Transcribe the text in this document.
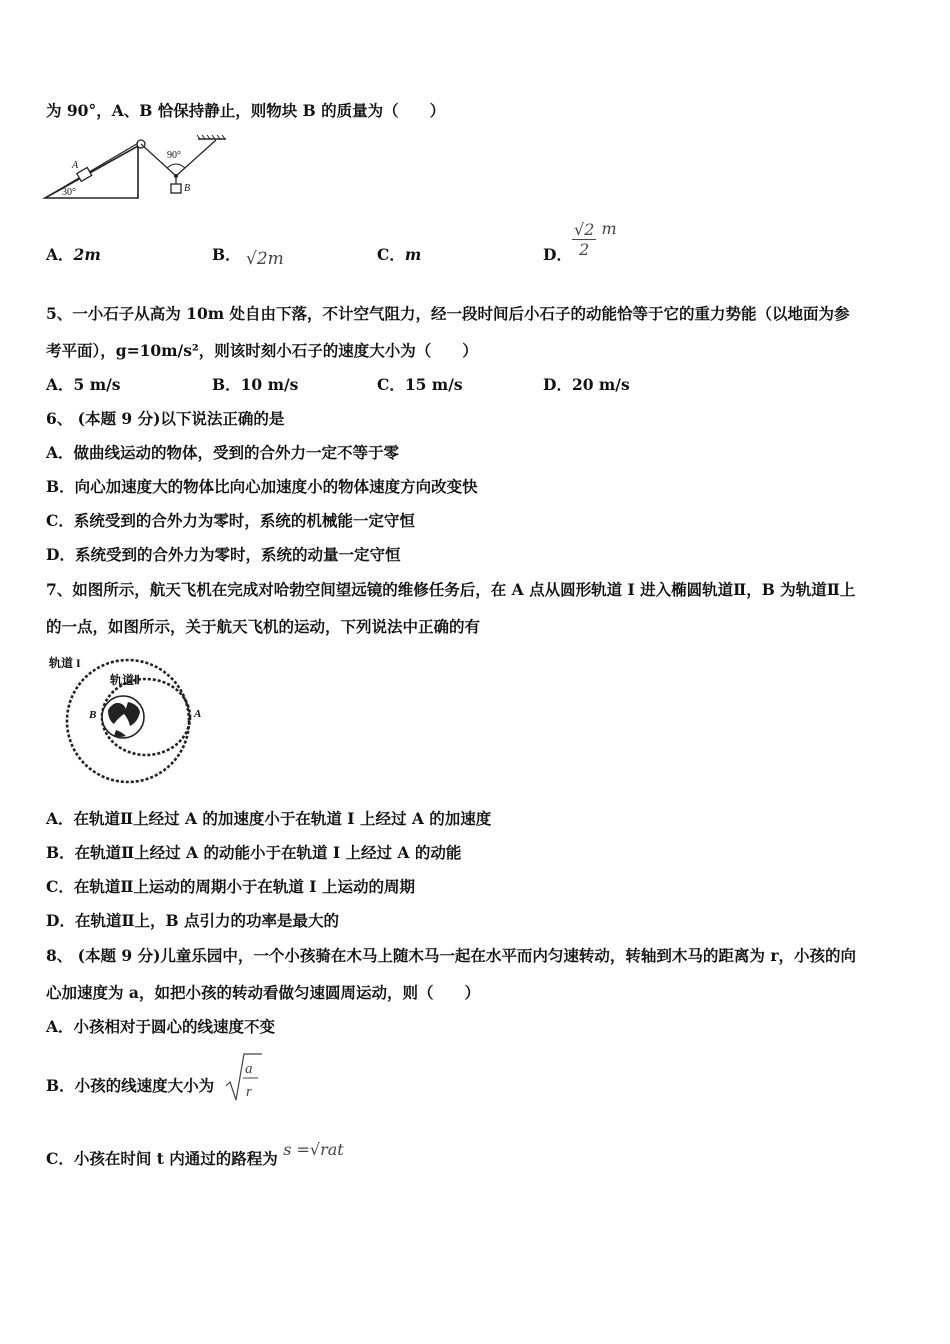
为 90°，A、B 恰保持静止，则物块 B 的质量为（　　）
90°
30°
A
B
A．2m	B． √2m	C．m	D． $\frac{√2}{2}$ m
5、一小石子从高为 10m 处自由下落，不计空气阻力，经一段时间后小石子的动能恰等于它的重力势能（以地面为参
考平面），g=10m/s²，则该时刻小石子的速度大小为（　　）
A．5 m/s	B．10 m/s	C．15 m/s	D．20 m/s
6、 (本题 9 分)以下说法正确的是
A．做曲线运动的物体，受到的合外力一定不等于零
B．向心加速度大的物体比向心加速度小的物体速度方向改变快
C．系统受到的合外力为零时，系统的机械能一定守恒
D．系统受到的合外力为零时，系统的动量一定守恒
7、如图所示，航天飞机在完成对哈勃空间望远镜的维修任务后，在 A 点从圆形轨道 I 进入椭圆轨道Ⅱ，B 为轨道Ⅱ上
的一点，如图所示，关于航天飞机的运动，下列说法中正确的有
轨道 I
轨道Ⅱ
A
B
A．在轨道Ⅱ上经过 A 的加速度小于在轨道 I 上经过 A 的加速度
B．在轨道Ⅱ上经过 A 的动能小于在轨道 I 上经过 A 的动能
C．在轨道Ⅱ上运动的周期小于在轨道 I 上运动的周期
D．在轨道Ⅱ上，B 点引力的功率是最大的
8、 (本题 9 分)儿童乐园中，一个小孩骑在木马上随木马一起在水平而内匀速转动，转轴到木马的距离为 r，小孩的向
心加速度为 a，如把小孩的转动看做匀速圆周运动，则（　　）
A．小孩相对于圆心的线速度不变
B．小孩的线速度大小为
a
r
C．小孩在时间 t 内通过的路程为 s =√rat
